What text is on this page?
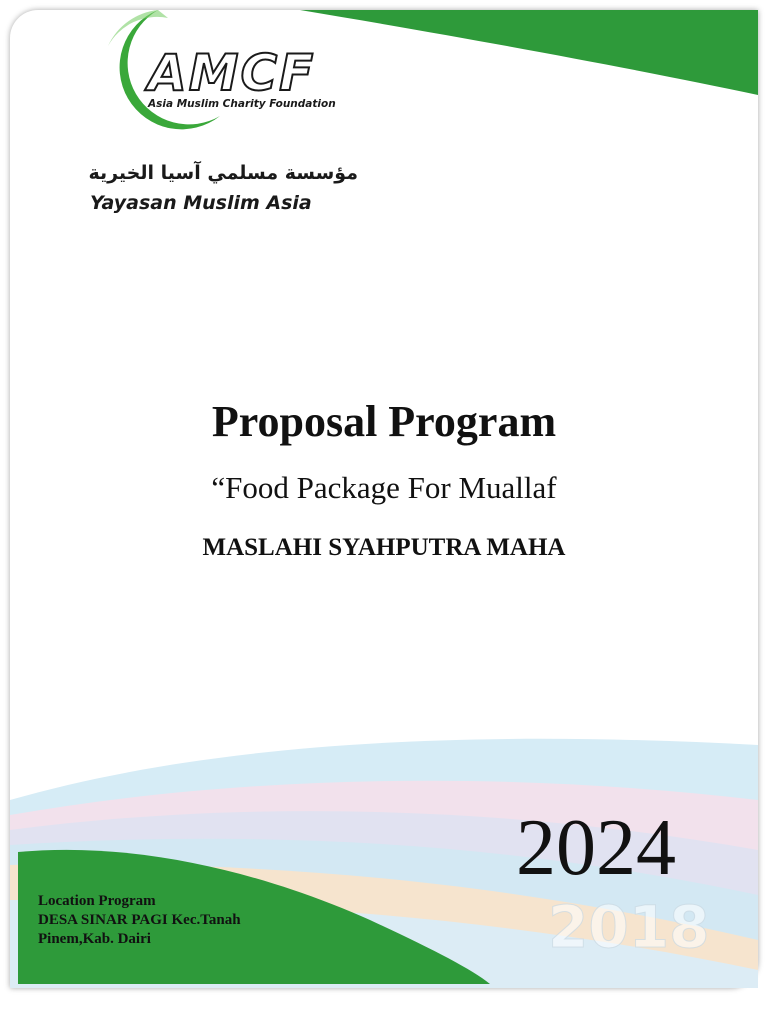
AMCF
Asia Muslim Charity Foundation
مؤسسة مسلمي آسيا الخيرية
Yayasan Muslim Asia
Proposal Program
“Food Package For Muallaf
MASLAHI SYAHPUTRA MAHA
2018
2024
Location Program
DESA SINAR PAGI Kec.Tanah
Pinem,Kab. Dairi
